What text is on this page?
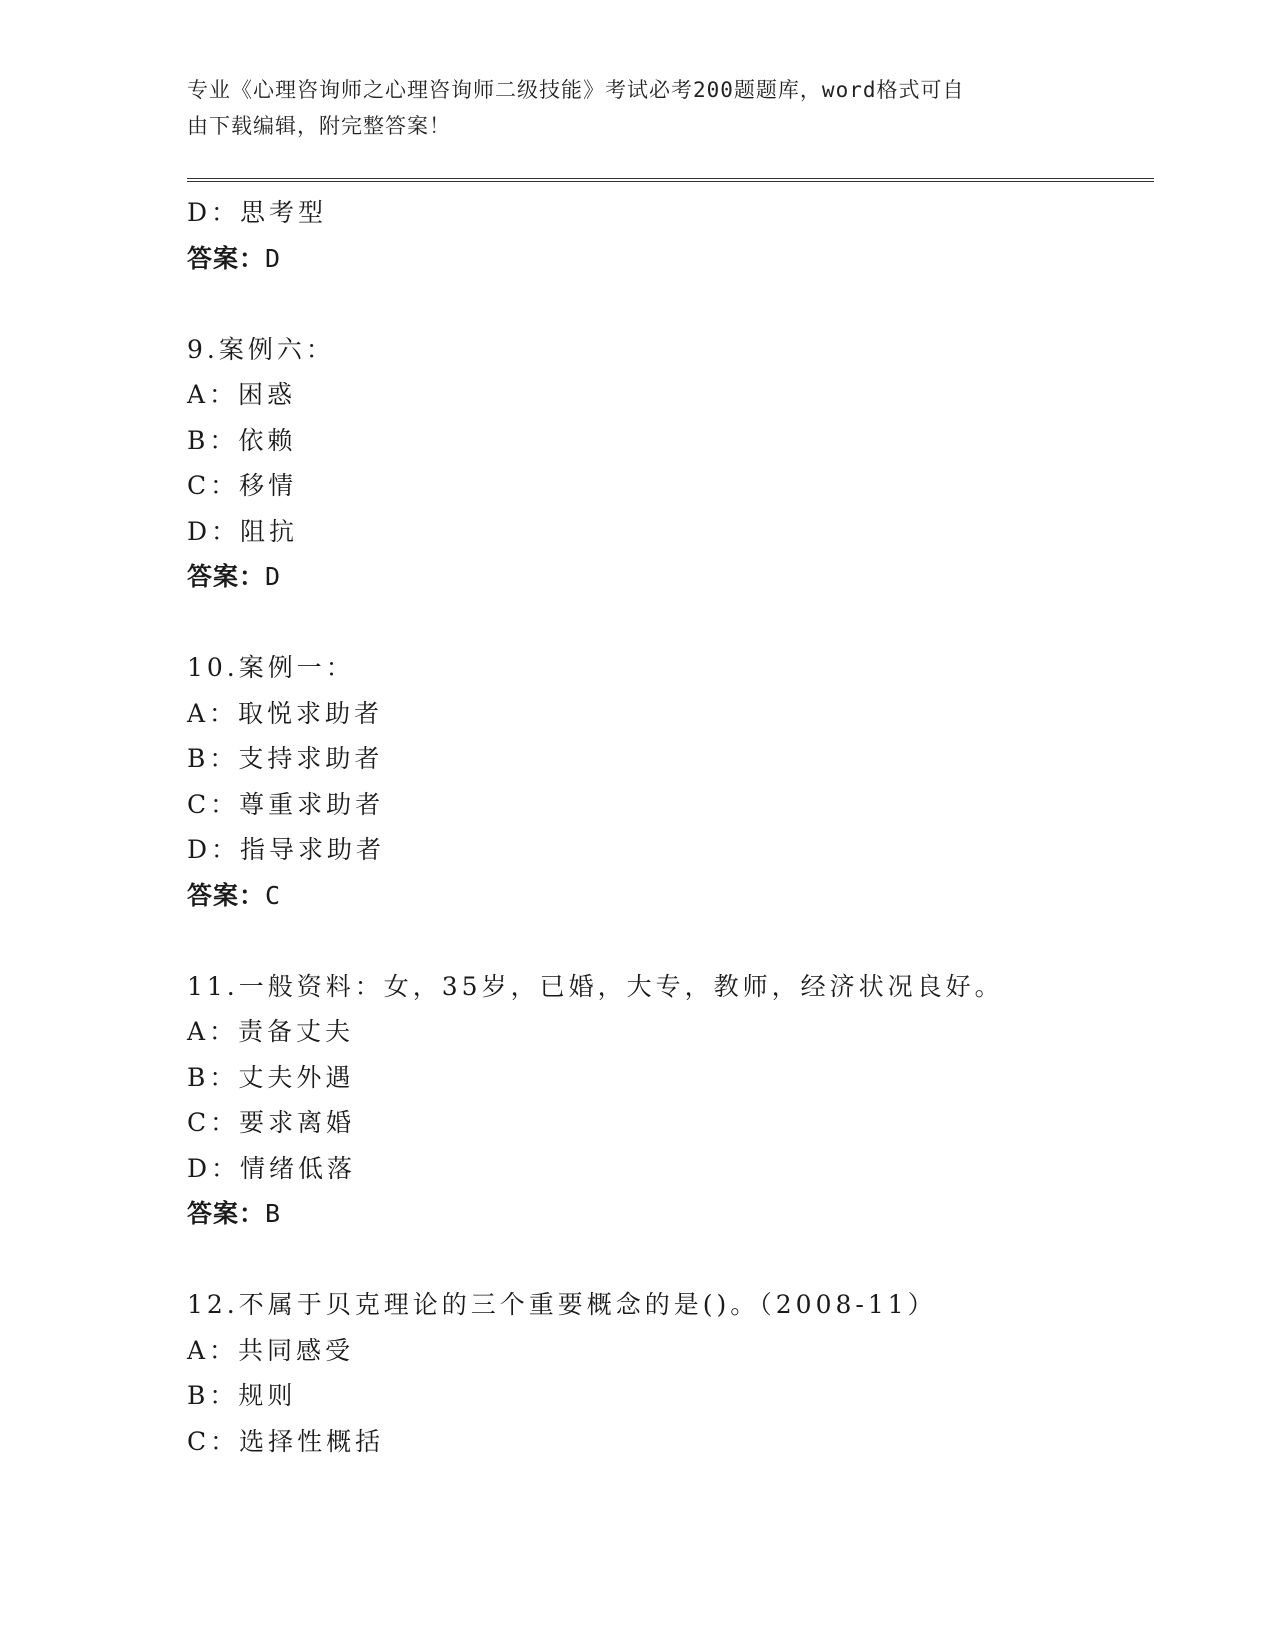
专业《心理咨询师之心理咨询师二级技能》考试必考200题题库，word格式可自
由下载编辑，附完整答案！
D：思考型
答案：D
9.案例六：
A：困惑
B：依赖
C：移情
D：阻抗
答案：D
10.案例一：
A：取悦求助者
B：支持求助者
C：尊重求助者
D：指导求助者
答案：C
11.一般资料：女，35岁，已婚，大专，教师，经济状况良好。
A：责备丈夫
B：丈夫外遇
C：要求离婚
D：情绪低落
答案：B
12.不属于贝克理论的三个重要概念的是()。（2008-11）
A：共同感受
B：规则
C：选择性概括
